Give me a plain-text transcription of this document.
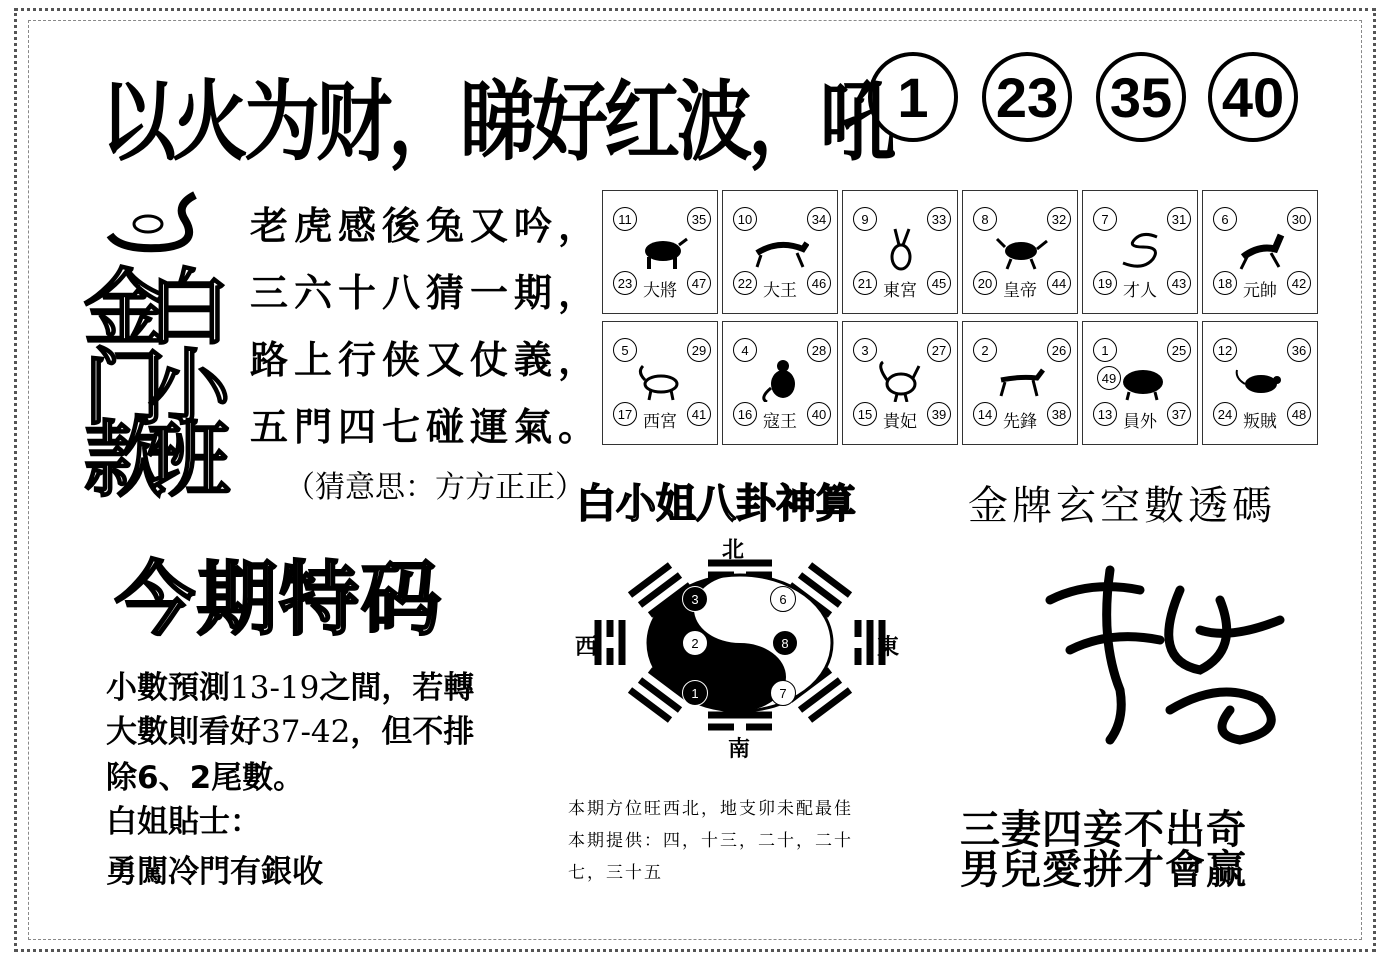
以火为财，睇好红波，吼 1	23 35 40
金
白
门
小
款
班
老虎感後兔又吟，
三六十八猜一期，
路上行侠又仗義，
五門四七碰運氣。
（猜意思：方方正正）
11	35
23	47
大將
10	34
22	46
大王
9	33
21	45
東宮
8	32
20	44
皇帝
7	31
19	43
才人
6	30
18	42
元帥
5	29
17	41
西宮
4	28
16	40
寇王
3	27
15	39
貴妃
2	26
14	38
先鋒
1	25
13	37
49
員外
12	36
24	48
叛賊
白小姐八卦神算	金牌玄空數透碼
今期特码
小數預測13-19之間，若轉
大數則看好37-42，但不排
除6、2尾數。
白姐貼士：
勇闖冷門有銀收
北
南
西	東
3	6
2	8
1	7
本期方位旺西北，地支卯未配最佳
本期提供：四，十三，二十，二十
七，三十五
三妻四妾不出奇
男兒愛拼才會赢
